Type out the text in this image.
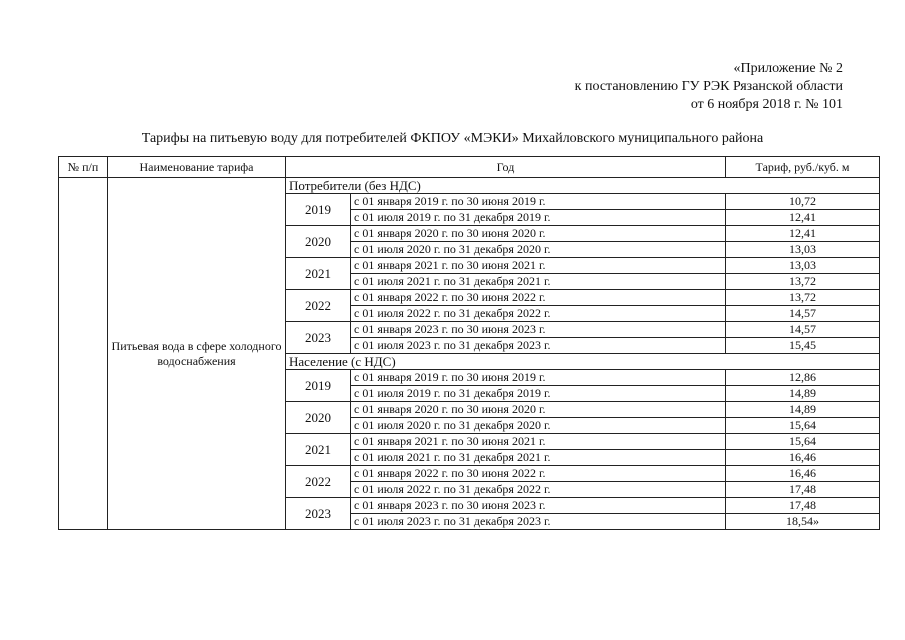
«Приложение № 2
к постановлению ГУ РЭК Рязанской области
от 6 ноября 2018 г. № 101
Тарифы на питьевую воду для потребителей ФКПОУ «МЭКИ» Михайловского муниципального района
№ п/п	Наименование тарифа	Год		Тариф, руб./куб. м
	Питьевая вода в сфере холодного водоснабжения	Потребители (без НДС)		
		2019	с 01 января 2019 г. по 30 июня 2019 г.	10,72
			с 01 июля 2019 г. по 31 декабря 2019 г.	12,41
		2020	с 01 января 2020 г. по 30 июня 2020 г.	12,41
			с 01 июля 2020 г. по 31 декабря 2020 г.	13,03
		2021	с 01 января 2021 г. по 30 июня 2021 г.	13,03
			с 01 июля 2021 г. по 31 декабря 2021 г.	13,72
		2022	с 01 января 2022 г. по 30 июня 2022 г.	13,72
			с 01 июля 2022 г. по 31 декабря 2022 г.	14,57
		2023	с 01 января 2023 г. по 30 июня 2023 г.	14,57
			с 01 июля 2023 г. по 31 декабря 2023 г.	15,45
		Население (с НДС)		
		2019	с 01 января 2019 г. по 30 июня 2019 г.	12,86
			с 01 июля 2019 г. по 31 декабря 2019 г.	14,89
		2020	с 01 января 2020 г. по 30 июня 2020 г.	14,89
			с 01 июля 2020 г. по 31 декабря 2020 г.	15,64
		2021	с 01 января 2021 г. по 30 июня 2021 г.	15,64
			с 01 июля 2021 г. по 31 декабря 2021 г.	16,46
		2022	с 01 января 2022 г. по 30 июня 2022 г.	16,46
			с 01 июля 2022 г. по 31 декабря 2022 г.	17,48
		2023	с 01 января 2023 г. по 30 июня 2023 г.	17,48
			с 01 июля 2023 г. по 31 декабря 2023 г.	18,54»
